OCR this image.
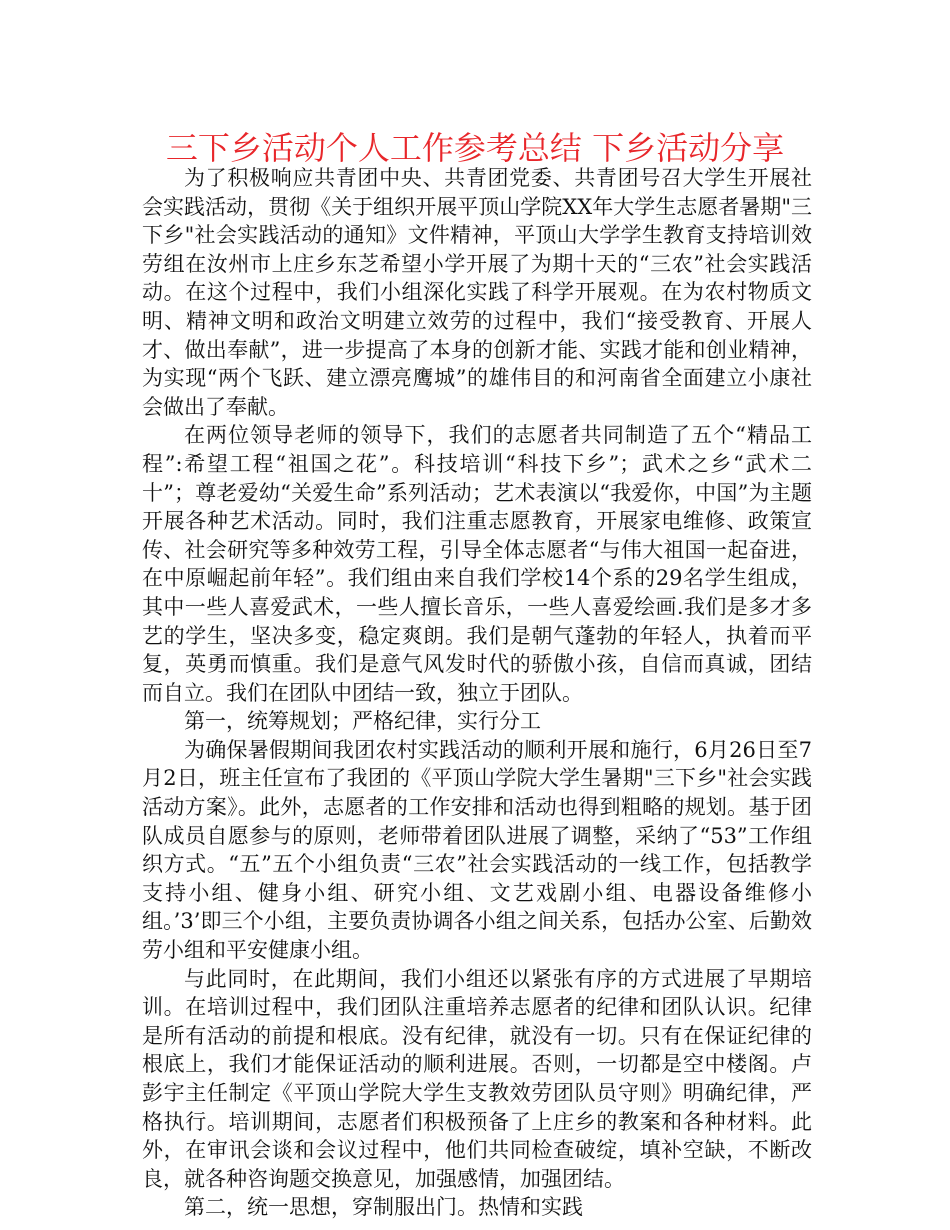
三下乡活动个人工作参考总结 下乡活动分享

为了积极响应共青团中央、共青团党委、共青团号召大学生开展社会实践活动，贯彻《关于组织开展平顶山学院XX年大学生志愿者暑期"三下乡"社会实践活动的通知》文件精神，平顶山大学学生教育支持培训效劳组在汝州市上庄乡东芝希望小学开展了为期十天的“三农”社会实践活动。在这个过程中，我们小组深化实践了科学开展观。在为农村物质文明、精神文明和政治文明建立效劳的过程中，我们“接受教育、开展人才、做出奉献”，进一步提高了本身的创新才能、实践才能和创业精神，为实现“两个飞跃、建立漂亮鹰城”的雄伟目的和河南省全面建立小康社会做出了奉献。

在两位领导老师的领导下，我们的志愿者共同制造了五个“精品工程”:希望工程“祖国之花”。科技培训“科技下乡”；武术之乡“武术二十”；尊老爱幼“关爱生命”系列活动；艺术表演以“我爱你，中国”为主题开展各种艺术活动。同时，我们注重志愿教育，开展家电维修、政策宣传、社会研究等多种效劳工程，引导全体志愿者“与伟大祖国一起奋进，在中原崛起前年轻”。我们组由来自我们学校14个系的29名学生组成，其中一些人喜爱武术，一些人擅长音乐，一些人喜爱绘画.我们是多才多艺的学生，坚决多变，稳定爽朗。我们是朝气蓬勃的年轻人，执着而平复，英勇而慎重。我们是意气风发时代的骄傲小孩，自信而真诚，团结而自立。我们在团队中团结一致，独立于团队。

第一，统筹规划；严格纪律，实行分工

为确保暑假期间我团农村实践活动的顺利开展和施行，6月26日至7月2日，班主任宣布了我团的《平顶山学院大学生暑期"三下乡"社会实践活动方案》。此外，志愿者的工作安排和活动也得到粗略的规划。基于团队成员自愿参与的原则，老师带着团队进展了调整，采纳了“53”工作组织方式。“五”五个小组负责“三农”社会实践活动的一线工作，包括教学支持小组、健身小组、研究小组、文艺戏剧小组、电器设备维修小组。’3’即三个小组，主要负责协调各小组之间关系，包括办公室、后勤效劳小组和平安健康小组。

与此同时，在此期间，我们小组还以紧张有序的方式进展了早期培训。在培训过程中，我们团队注重培养志愿者的纪律和团队认识。纪律是所有活动的前提和根底。没有纪律，就没有一切。只有在保证纪律的根底上，我们才能保证活动的顺利进展。否则，一切都是空中楼阁。卢彭宇主任制定《平顶山学院大学生支教效劳团队员守则》明确纪律，严格执行。培训期间，志愿者们积极预备了上庄乡的教案和各种材料。此外，在审讯会谈和会议过程中，他们共同检查破绽，填补空缺，不断改良，就各种咨询题交换意见，加强感情，加强团结。

第二，统一思想，穿制服出门。热情和实践
